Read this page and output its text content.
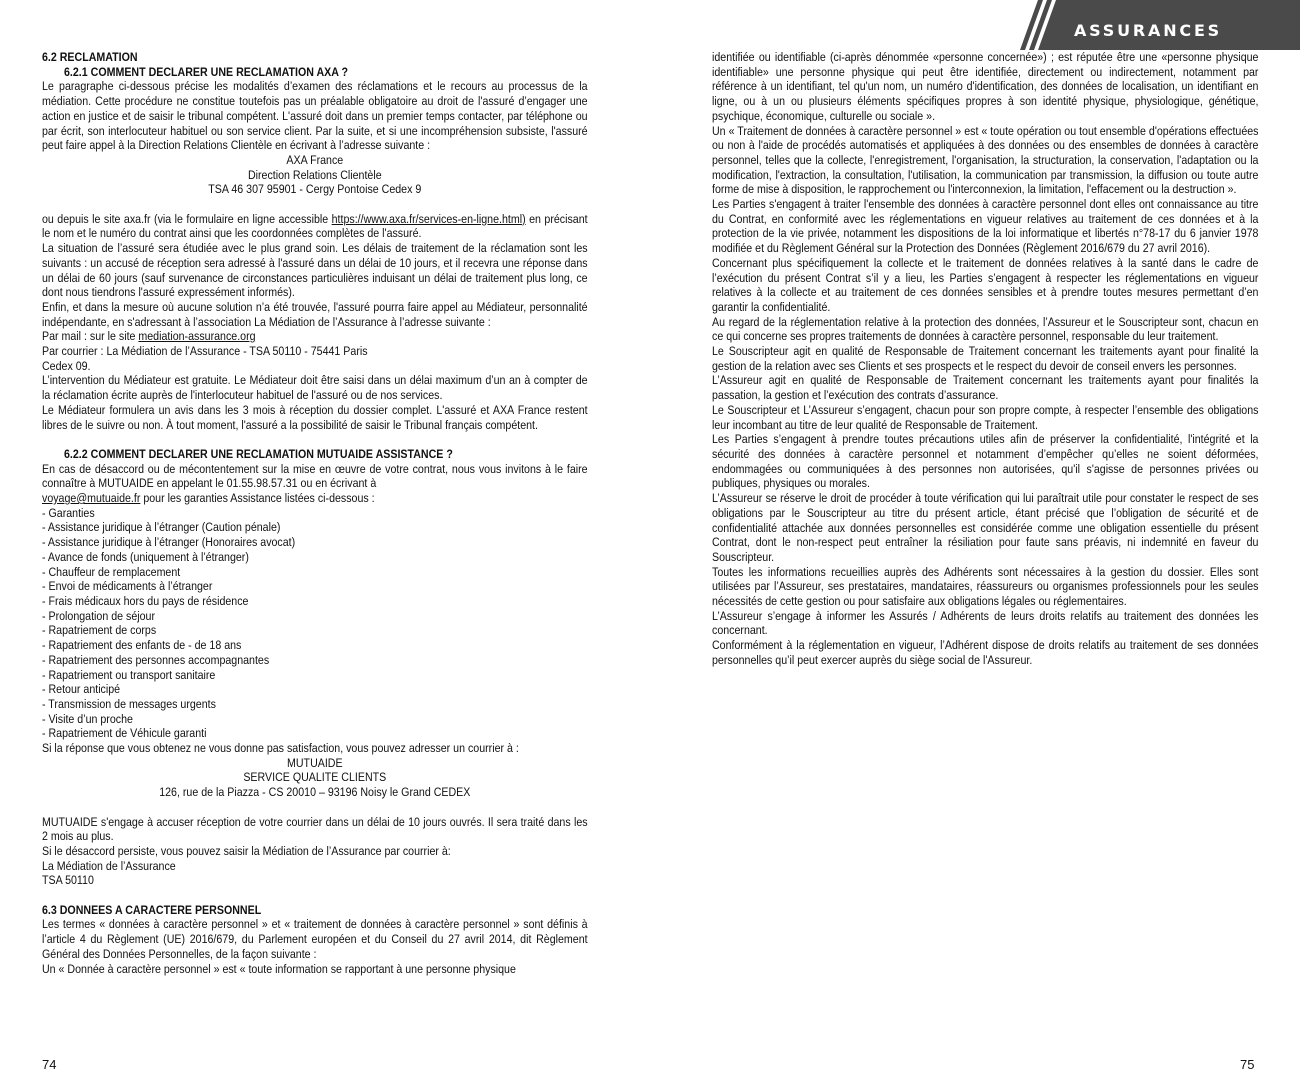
ASSURANCES

6.2 RECLAMATION

6.2.1 COMMENT DECLARER UNE RECLAMATION AXA ?

Le paragraphe ci-dessous précise les modalités d’examen des réclamations et le recours au processus de la médiation. Cette procédure ne constitue toutefois pas un préalable obligatoire au droit de l'assuré d’engager une action en justice et de saisir le tribunal compétent. L'assuré doit dans un premier temps contacter, par téléphone ou par écrit, son interlocuteur habituel ou son service client. Par la suite, et si une incompréhension subsiste, l'assuré peut faire appel à la Direction Relations Clientèle en écrivant à l’adresse suivante :

AXA France

Direction Relations Clientèle

TSA 46 307 95901 - Cergy Pontoise Cedex 9

ou depuis le site axa.fr (via le formulaire en ligne accessible https://www.axa.fr/services-en-ligne.html) en précisant le nom et le numéro du contrat ainsi que les coordonnées complètes de l'assuré.

La situation de l’assuré sera étudiée avec le plus grand soin. Les délais de traitement de la réclamation sont les suivants : un accusé de réception sera adressé à l'assuré dans un délai de 10 jours, et il recevra une réponse dans un délai de 60 jours (sauf survenance de circonstances particulières induisant un délai de traitement plus long, ce dont nous tiendrons l'assuré expressément informés).

Enfin, et dans la mesure où aucune solution n’a été trouvée, l'assuré pourra faire appel au Médiateur, personnalité indépendante, en s'adressant à l’association La Médiation de l’Assurance à l’adresse suivante :

Par mail : sur le site mediation-assurance.org

Par courrier : La Médiation de l’Assurance - TSA 50110 - 75441 Paris

Cedex 09.

L’intervention du Médiateur est gratuite. Le Médiateur doit être saisi dans un délai maximum d’un an à compter de la réclamation écrite auprès de l'interlocuteur habituel de l'assuré ou de nos services.

Le Médiateur formulera un avis dans les 3 mois à réception du dossier complet. L'assuré et AXA France restent libres de le suivre ou non. À tout moment, l'assuré a la possibilité de saisir le Tribunal français compétent.

6.2.2 COMMENT DECLARER UNE RECLAMATION MUTUAIDE ASSISTANCE ?

En cas de désaccord ou de mécontentement sur la mise en œuvre de votre contrat, nous vous invitons à le faire connaître à MUTUAIDE en appelant le 01.55.98.57.31 ou en écrivant à

voyage@mutuaide.fr pour les garanties Assistance listées ci-dessous :

- Garanties

- Assistance juridique à l’étranger (Caution pénale)

- Assistance juridique à l’étranger (Honoraires avocat)

- Avance de fonds (uniquement à l’étranger)

- Chauffeur de remplacement

- Envoi de médicaments à l’étranger

- Frais médicaux hors du pays de résidence

- Prolongation de séjour

- Rapatriement de corps

- Rapatriement des enfants de - de 18 ans

- Rapatriement des personnes accompagnantes

- Rapatriement ou transport sanitaire

- Retour anticipé

- Transmission de messages urgents

- Visite d’un proche

- Rapatriement de Véhicule garanti

Si la réponse que vous obtenez ne vous donne pas satisfaction, vous pouvez adresser un courrier à :

MUTUAIDE

SERVICE QUALITE CLIENTS

126, rue de la Piazza - CS 20010 – 93196 Noisy le Grand CEDEX

MUTUAIDE s'engage à accuser réception de votre courrier dans un délai de 10 jours ouvrés. Il sera traité dans les 2 mois au plus.

Si le désaccord persiste, vous pouvez saisir la Médiation de l’Assurance par courrier à:

La Médiation de l’Assurance

TSA 50110

6.3 DONNEES A CARACTERE PERSONNEL

Les termes « données à caractère personnel » et « traitement de données à caractère personnel » sont définis à l’article 4 du Règlement (UE) 2016/679, du Parlement européen et du Conseil du 27 avril 2014, dit Règlement Général des Données Personnelles, de la façon suivante :

Un « Donnée à caractère personnel » est « toute information se rapportant à une personne physique

identifiée ou identifiable (ci-après dénommée «personne concernée») ; est réputée être une «personne physique identifiable» une personne physique qui peut être identifiée, directement ou indirectement, notamment par référence à un identifiant, tel qu'un nom, un numéro d'identification, des données de localisation, un identifiant en ligne, ou à un ou plusieurs éléments spécifiques propres à son identité physique, physiologique, génétique, psychique, économique, culturelle ou sociale ».

Un « Traitement de données à caractère personnel » est « toute opération ou tout ensemble d'opérations effectuées ou non à l'aide de procédés automatisés et appliquées à des données ou des ensembles de données à caractère personnel, telles que la collecte, l'enregistrement, l'organisation, la structuration, la conservation, l'adaptation ou la modification, l'extraction, la consultation, l'utilisation, la communication par transmission, la diffusion ou toute autre forme de mise à disposition, le rapprochement ou l'interconnexion, la limitation, l'effacement ou la destruction ».

Les Parties s'engagent à traiter l'ensemble des données à caractère personnel dont elles ont connaissance au titre du Contrat, en conformité avec les réglementations en vigueur relatives au traitement de ces données et à la protection de la vie privée, notamment les dispositions de la loi informatique et libertés n°78-17 du 6 janvier 1978 modifiée et du Règlement Général sur la Protection des Données (Règlement 2016/679 du 27 avril 2016).

Concernant plus spécifiquement la collecte et le traitement de données relatives à la santé dans le cadre de l’exécution du présent Contrat s’il y a lieu, les Parties s’engagent à respecter les réglementations en vigueur relatives à la collecte et au traitement de ces données sensibles et à prendre toutes mesures permettant d’en garantir la confidentialité.

Au regard de la réglementation relative à la protection des données, l’Assureur et le Souscripteur sont, chacun en ce qui concerne ses propres traitements de données à caractère personnel, responsable du leur traitement.

Le Souscripteur agit en qualité de Responsable de Traitement concernant les traitements ayant pour finalité la gestion de la relation avec ses Clients et ses prospects et le respect du devoir de conseil envers les personnes.

L’Assureur agit en qualité de Responsable de Traitement concernant les traitements ayant pour finalités la passation, la gestion et l’exécution des contrats d’assurance.

Le Souscripteur et L’Assureur s’engagent, chacun pour son propre compte, à respecter l’ensemble des obligations leur incombant au titre de leur qualité de Responsable de Traitement.

Les Parties s’engagent à prendre toutes précautions utiles afin de préserver la confidentialité, l'intégrité et la sécurité des données à caractère personnel et notamment d’empêcher qu’elles ne soient déformées, endommagées ou communiquées à des personnes non autorisées, qu'il s'agisse de personnes privées ou publiques, physiques ou morales.

L’Assureur se réserve le droit de procéder à toute vérification qui lui paraîtrait utile pour constater le respect de ses obligations par le Souscripteur au titre du présent article, étant précisé que l’obligation de sécurité et de confidentialité attachée aux données personnelles est considérée comme une obligation essentielle du présent Contrat, dont le non-respect peut entraîner la résiliation pour faute sans préavis, ni indemnité en faveur du Souscripteur.

Toutes les informations recueillies auprès des Adhérents sont nécessaires à la gestion du dossier. Elles sont utilisées par l’Assureur, ses prestataires, mandataires, réassureurs ou organismes professionnels pour les seules nécessités de cette gestion ou pour satisfaire aux obligations légales ou réglementaires.

L’Assureur s’engage à informer les Assurés / Adhérents de leurs droits relatifs au traitement des données les concernant.

Conformément à la réglementation en vigueur, l’Adhérent dispose de droits relatifs au traitement de ses données personnelles qu’il peut exercer auprès du siège social de l'Assureur.

74	75
